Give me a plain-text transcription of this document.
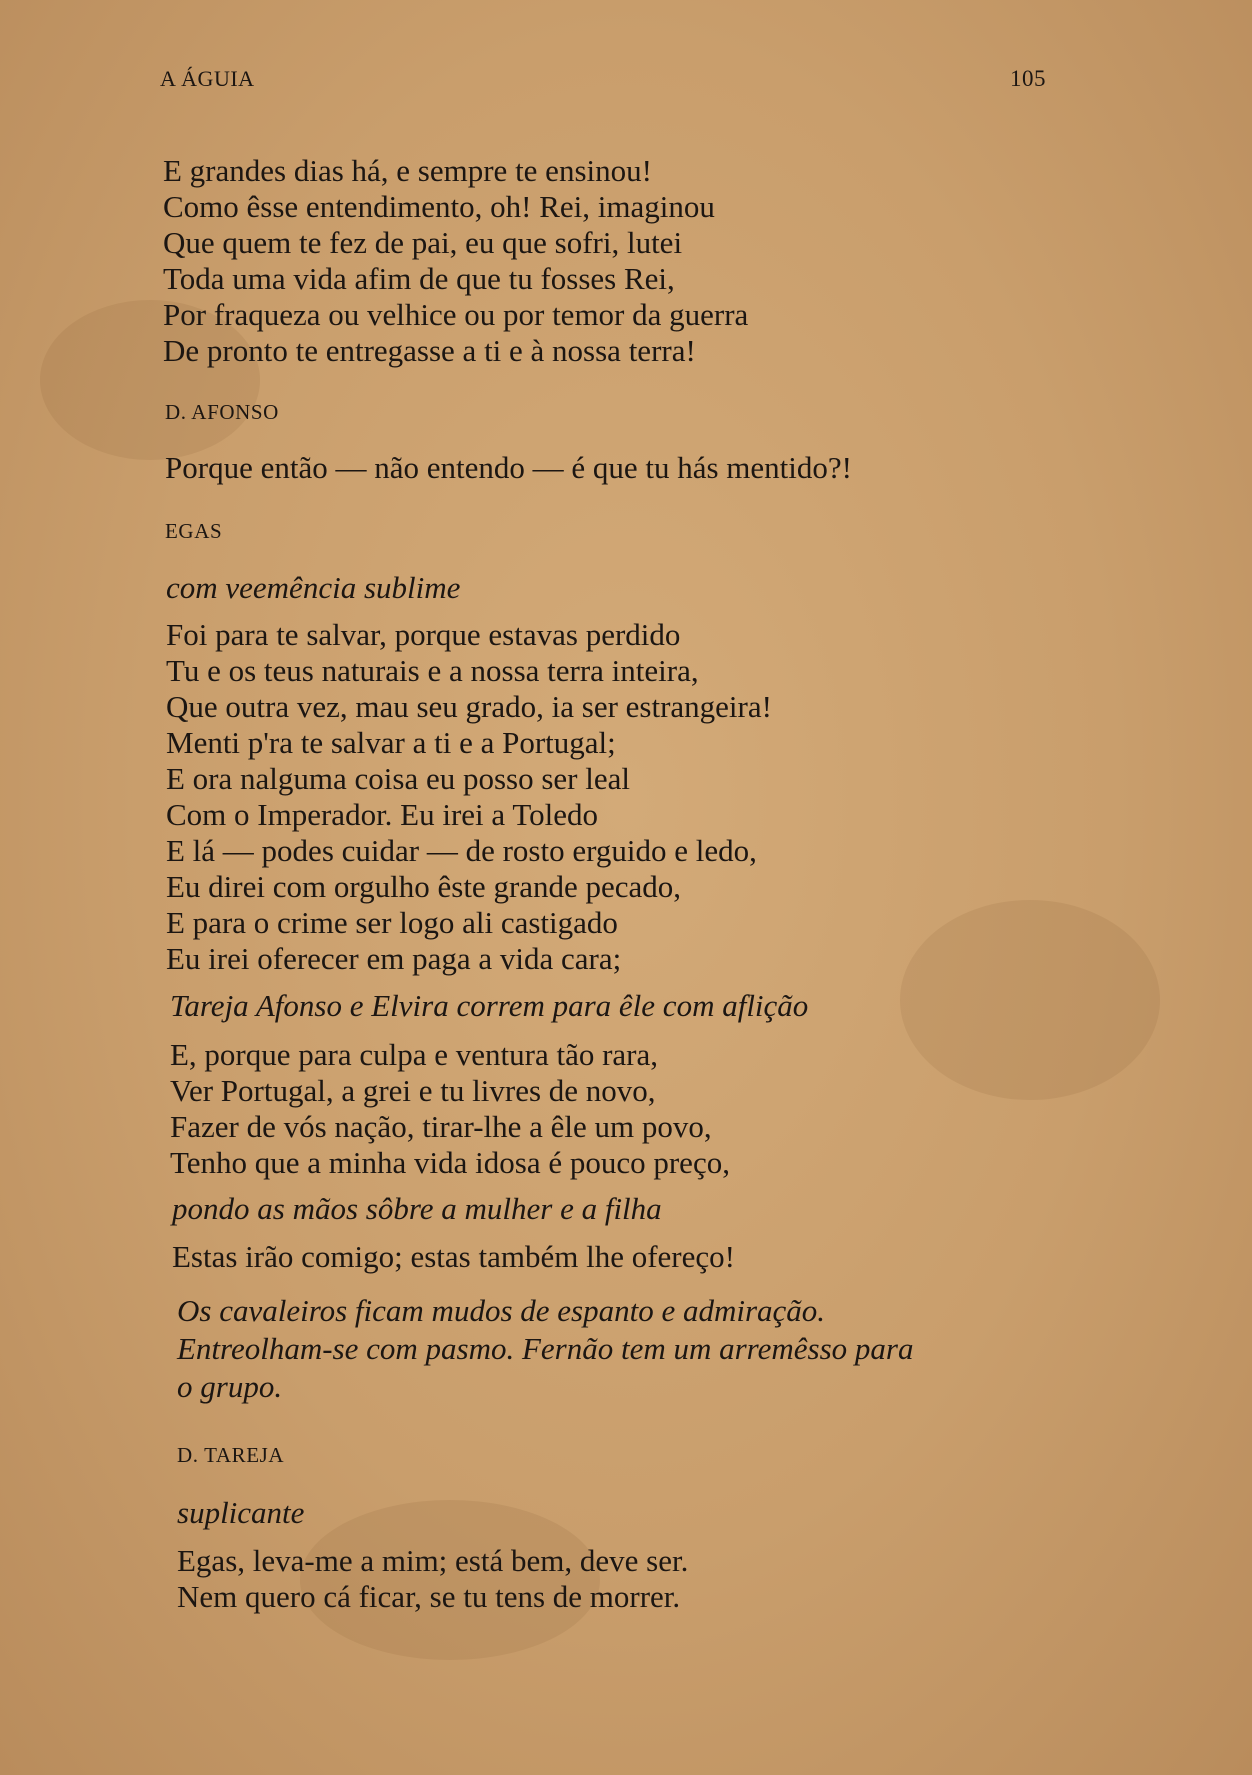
A ÁGUIA	105
E grandes dias há, e sempre te ensinou!
Como êsse entendimento, oh! Rei, imaginou
Que quem te fez de pai, eu que sofri, lutei
Toda uma vida afim de que tu fosses Rei,
Por fraqueza ou velhice ou por temor da guerra
De pronto te entregasse a ti e à nossa terra!
D. AFONSO
Porque então — não entendo — é que tu hás mentido?!
EGAS
com veemência sublime
Foi para te salvar, porque estavas perdido
Tu e os teus naturais e a nossa terra inteira,
Que outra vez, mau seu grado, ia ser estrangeira!
Menti p'ra te salvar a ti e a Portugal;
E ora nalguma coisa eu posso ser leal
Com o Imperador. Eu irei a Toledo
E lá — podes cuidar — de rosto erguido e ledo,
Eu direi com orgulho êste grande pecado,
E para o crime ser logo ali castigado
Eu irei oferecer em paga a vida cara;
Tareja Afonso e Elvira correm para êle com aflição
E, porque para culpa e ventura tão rara,
Ver Portugal, a grei e tu livres de novo,
Fazer de vós nação, tirar-lhe a êle um povo,
Tenho que a minha vida idosa é pouco preço,
pondo as mãos sôbre a mulher e a filha
Estas irão comigo; estas também lhe ofereço!
Os cavaleiros ficam mudos de espanto e admiração.
Entreolham-se com pasmo. Fernão tem um arremêsso para
o grupo.
D. TAREJA
suplicante
Egas, leva-me a mim; está bem, deve ser.
Nem quero cá ficar, se tu tens de morrer.
